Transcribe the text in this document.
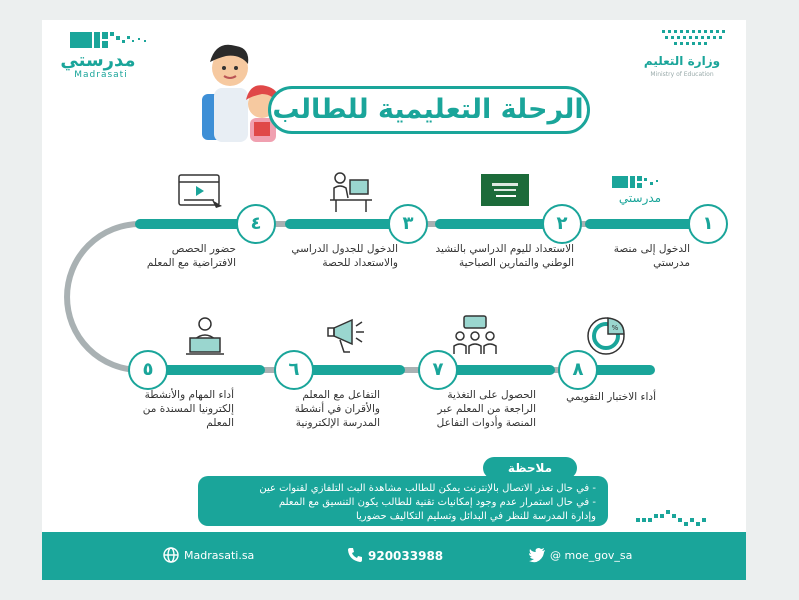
مدرستي
Madrasati
وزارة التعليم
Ministry of Education
الرحلة التعليمية للطالب
مدرستي
%
١
٢
٣
٤
٥	٦	٧	٨
الدخول إلى منصة
مدرستي
الاستعداد لليوم الدراسي بالنشيد
الوطني والتمارين الصباحية
الدخول للجدول الدراسي
والاستعداد للحصة
حضور الحصص
الافتراضية مع المعلم
أداء المهام والأنشطة
إلكترونيا المسندة من
المعلم
التفاعل مع المعلم
والأقران في أنشطة
المدرسة الإلكترونية
الحصول على التغذية
الراجعة من المعلم عبر
المنصة وأدوات التفاعل
أداء الاختبار التقويمي
- في حال تعذر الاتصال بالإنترنت يمكن للطالب مشاهدة البث التلفازي لقنوات عين
- في حال استمرار عدم وجود إمكانيات تقنية للطالب يكون التنسيق مع المعلم
وإدارة المدرسة للنظر في البدائل وتسليم التكاليف حضوريا
ملاحظة
Madrasati.sa	920033988	@ moe_gov_sa
